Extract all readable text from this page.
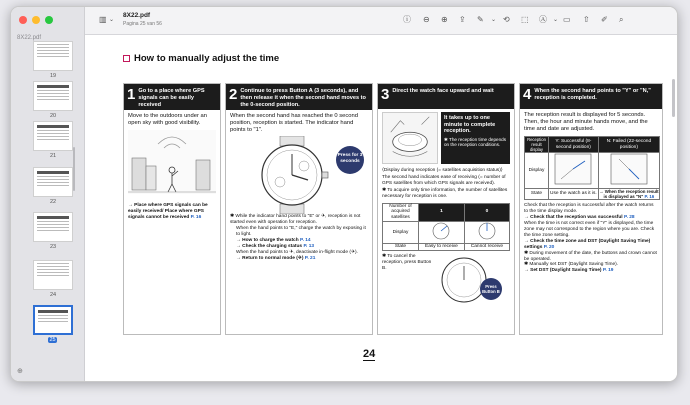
8X22.pdf
19
20
21
22
23
24
25
⊕
▥ ⌄
8X22.pdf
Pagina 25 van 56	ⓘ ⊖ ⊕ ⇪ ✎ ⌄ ⟲ ⬚ Ⓐ ⌄ ▭ ⇧ ✐ ⌕
How to manually adjust the time
1 Go to a place where GPS signals can be easily received
Move to the outdoors under an open sky with good visibility.
→ Place where GPS signals can be easily received/ Place where GPS signals cannot be received P. 16
2 Continue to press Button A (3 seconds), and then release it when the second hand moves to the 0-second position.
When the second hand has reached the 0 second position, reception is started. The indicator hand points to "1".
Press for 3 seconds
✱ While the indicator hand points to "E" or ✈, reception is not started even with operation for reception.
When the hand points to "E," charge the watch by exposing it to light.
→ How to charge the watch P. 14
→ Check the charging status P. 13
When the hand points to ✈, deactivate in-flight mode (✈).
→ Return to normal mode (✈) P. 21
3 Direct the watch face upward and wait
It takes up to one minute to complete reception.
✱ The reception time depends on the reception conditions.
⟨Display during reception (= satellites acquisition status)⟩
The second hand indicates ease of receiving (= number of GPS satellites from which GPS signals are received).
✱ To acquire only time information, the number of satellites necessary for reception is one.
Number of acquired satellites	1	0
Display		
State	Easy to receive	Cannot receive
✱ To cancel the reception, press Button B.
Press Button B
4 When the second hand points to "Y" or "N," reception is completed.
The reception result is displayed for 5 seconds. Then, the hour and minute hands move, and the time and date are adjusted.
Reception result display	Y: Successful (8-second position)	N: Failed (22-second position)
Display		
State	Use the watch as it is.	→ When the reception result is displayed as "N" P. 16
Check that the reception is successful after the watch returns to the time display mode.
→ Check that the reception was successful P. 28
When the time is not correct even if "Y" is displayed, the time zone may not correspond to the region where you are. Check the time zone setting.
→ Check the time zone and DST (Daylight Saving Time) settings P. 20
✱ During movement of the date, the buttons and crown cannot be operated.
✱ Manually set DST (Daylight Saving Time).
→ Set DST (Daylight Saving Time) P. 19
24
